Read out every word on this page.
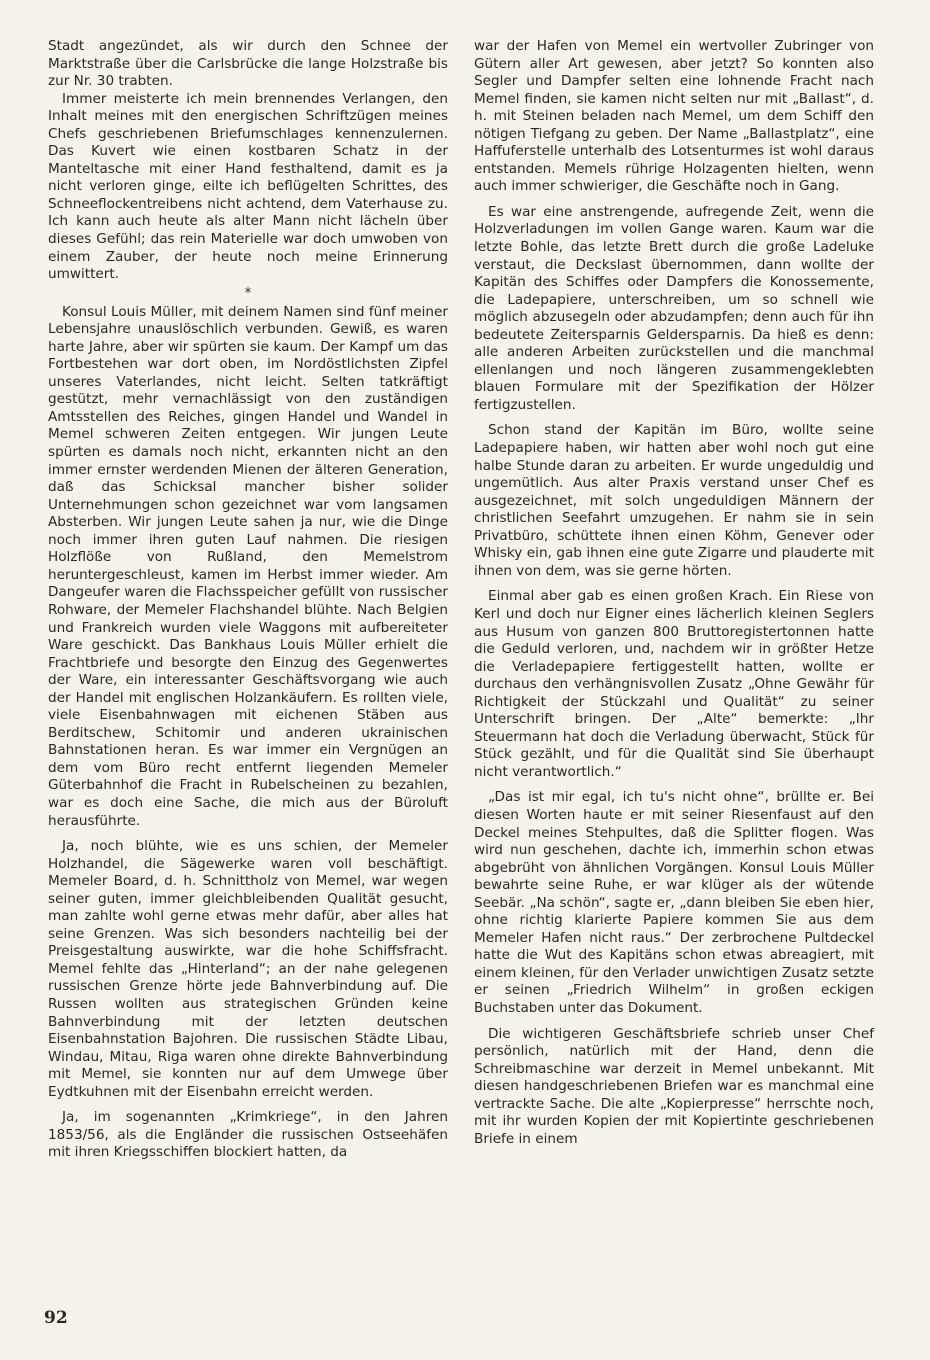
Stadt angezündet, als wir durch den Schnee der Marktstraße über die Carlsbrücke die lange Holzstraße bis zur Nr. 30 trabten.

Immer meisterte ich mein brennendes Verlangen, den Inhalt meines mit den energischen Schriftzügen meines Chefs geschriebenen Briefumschlages kennenzulernen. Das Kuvert wie einen kostbaren Schatz in der Manteltasche mit einer Hand festhaltend, damit es ja nicht verloren ginge, eilte ich beflügelten Schrittes, des Schneeflockentreibens nicht achtend, dem Vaterhause zu. Ich kann auch heute als alter Mann nicht lächeln über dieses Gefühl; das rein Materielle war doch umwoben von einem Zauber, der heute noch meine Erinnerung umwittert.

*

Konsul Louis Müller, mit deinem Namen sind fünf meiner Lebensjahre unauslöschlich verbunden. Gewiß, es waren harte Jahre, aber wir spürten sie kaum. Der Kampf um das Fortbestehen war dort oben, im Nordöstlichsten Zipfel unseres Vaterlandes, nicht leicht. Selten tatkräftigt gestützt, mehr vernachlässigt von den zuständigen Amtsstellen des Reiches, gingen Handel und Wandel in Memel schweren Zeiten entgegen. Wir jungen Leute spürten es damals noch nicht, erkannten nicht an den immer ernster werdenden Mienen der älteren Generation, daß das Schicksal mancher bisher solider Unternehmungen schon gezeichnet war vom langsamen Absterben. Wir jungen Leute sahen ja nur, wie die Dinge noch immer ihren guten Lauf nahmen. Die riesigen Holzflöße von Rußland, den Memelstrom heruntergeschleust, kamen im Herbst immer wieder. Am Dangeufer waren die Flachsspeicher gefüllt von russischer Rohware, der Memeler Flachshandel blühte. Nach Belgien und Frankreich wurden viele Waggons mit aufbereiteter Ware geschickt. Das Bankhaus Louis Müller erhielt die Frachtbriefe und besorgte den Einzug des Gegenwertes der Ware, ein interessanter Geschäftsvorgang wie auch der Handel mit englischen Holzankäufern. Es rollten viele, viele Eisenbahnwagen mit eichenen Stäben aus Berditschew, Schitomir und anderen ukrainischen Bahnstationen heran. Es war immer ein Vergnügen an dem vom Büro recht entfernt liegenden Memeler Güterbahnhof die Fracht in Rubelscheinen zu bezahlen, war es doch eine Sache, die mich aus der Büroluft herausführte.

Ja, noch blühte, wie es uns schien, der Memeler Holzhandel, die Sägewerke waren voll beschäftigt. Memeler Board, d. h. Schnittholz von Memel, war wegen seiner guten, immer gleichbleibenden Qualität gesucht, man zahlte wohl gerne etwas mehr dafür, aber alles hat seine Grenzen. Was sich besonders nachteilig bei der Preisgestaltung auswirkte, war die hohe Schiffsfracht. Memel fehlte das „Hinterland“; an der nahe gelegenen russischen Grenze hörte jede Bahnverbindung auf. Die Russen wollten aus strategischen Gründen keine Bahnverbindung mit der letzten deutschen Eisenbahnstation Bajohren. Die russischen Städte Libau, Windau, Mitau, Riga waren ohne direkte Bahnverbindung mit Memel, sie konnten nur auf dem Umwege über Eydtkuhnen mit der Eisenbahn erreicht werden.

Ja, im sogenannten „Krimkriege“, in den Jahren 1853/56, als die Engländer die russischen Ostseehäfen mit ihren Kriegsschiffen blockiert hatten, da

war der Hafen von Memel ein wertvoller Zubringer von Gütern aller Art gewesen, aber jetzt? So konnten also Segler und Dampfer selten eine lohnende Fracht nach Memel finden, sie kamen nicht selten nur mit „Ballast“, d. h. mit Steinen beladen nach Memel, um dem Schiff den nötigen Tiefgang zu geben. Der Name „Ballastplatz“, eine Haffuferstelle unterhalb des Lotsenturmes ist wohl daraus entstanden. Memels rührige Holzagenten hielten, wenn auch immer schwieriger, die Geschäfte noch in Gang.

Es war eine anstrengende, aufregende Zeit, wenn die Holzverladungen im vollen Gange waren. Kaum war die letzte Bohle, das letzte Brett durch die große Ladeluke verstaut, die Deckslast übernommen, dann wollte der Kapitän des Schiffes oder Dampfers die Konossemente, die Ladepapiere, unterschreiben, um so schnell wie möglich abzusegeln oder abzudampfen; denn auch für ihn bedeutete Zeitersparnis Geldersparnis. Da hieß es denn: alle anderen Arbeiten zurückstellen und die manchmal ellenlangen und noch längeren zusammengeklebten blauen Formulare mit der Spezifikation der Hölzer fertigzustellen.

Schon stand der Kapitän im Büro, wollte seine Ladepapiere haben, wir hatten aber wohl noch gut eine halbe Stunde daran zu arbeiten. Er wurde ungeduldig und ungemütlich. Aus alter Praxis verstand unser Chef es ausgezeichnet, mit solch ungeduldigen Männern der christlichen Seefahrt umzugehen. Er nahm sie in sein Privatbüro, schüttete ihnen einen Köhm, Genever oder Whisky ein, gab ihnen eine gute Zigarre und plauderte mit ihnen von dem, was sie gerne hörten.

Einmal aber gab es einen großen Krach. Ein Riese von Kerl und doch nur Eigner eines lächerlich kleinen Seglers aus Husum von ganzen 800 Bruttoregistertonnen hatte die Geduld verloren, und, nachdem wir in größter Hetze die Verladepapiere fertiggestellt hatten, wollte er durchaus den verhängnisvollen Zusatz „Ohne Gewähr für Richtigkeit der Stückzahl und Qualität“ zu seiner Unterschrift bringen. Der „Alte“ bemerkte: „Ihr Steuermann hat doch die Verladung überwacht, Stück für Stück gezählt, und für die Qualität sind Sie überhaupt nicht verantwortlich.“

„Das ist mir egal, ich tu's nicht ohne“, brüllte er. Bei diesen Worten haute er mit seiner Riesenfaust auf den Deckel meines Stehpultes, daß die Splitter flogen. Was wird nun geschehen, dachte ich, immerhin schon etwas abgebrüht von ähnlichen Vorgängen. Konsul Louis Müller bewahrte seine Ruhe, er war klüger als der wütende Seebär. „Na schön“, sagte er, „dann bleiben Sie eben hier, ohne richtig klarierte Papiere kommen Sie aus dem Memeler Hafen nicht raus.“ Der zerbrochene Pultdeckel hatte die Wut des Kapitäns schon etwas abreagiert, mit einem kleinen, für den Verlader unwichtigen Zusatz setzte er seinen „Friedrich Wilhelm“ in großen eckigen Buchstaben unter das Dokument.

Die wichtigeren Geschäftsbriefe schrieb unser Chef persönlich, natürlich mit der Hand, denn die Schreibmaschine war derzeit in Memel unbekannt. Mit diesen handgeschriebenen Briefen war es manchmal eine vertrackte Sache. Die alte „Kopierpresse“ herrschte noch, mit ihr wurden Kopien der mit Kopiertinte geschriebenen Briefe in einem

92
